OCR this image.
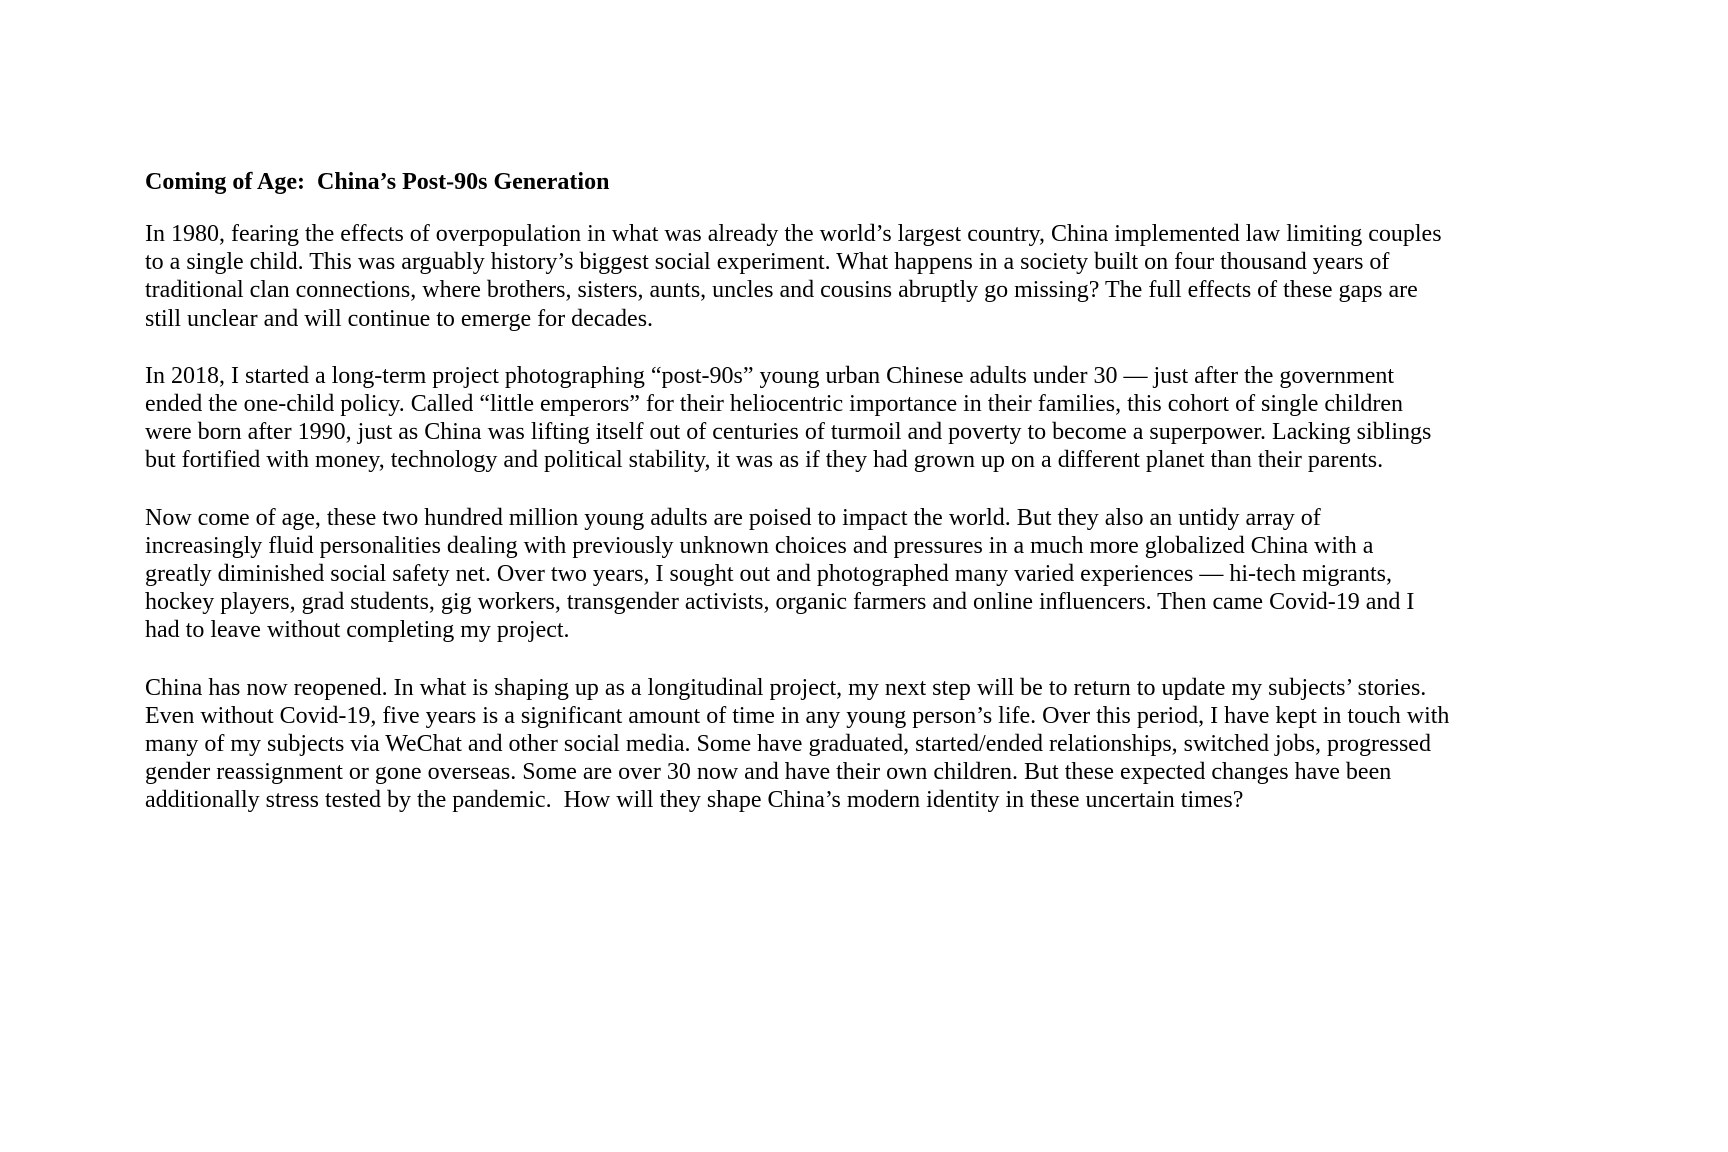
Coming of Age:  China’s Post-90s Generation

In 1980, fearing the effects of overpopulation in what was already the world’s largest country, China implemented law limiting couples
to a single child. This was arguably history’s biggest social experiment. What happens in a society built on four thousand years of
traditional clan connections, where brothers, sisters, aunts, uncles and cousins abruptly go missing? The full effects of these gaps are
still unclear and will continue to emerge for decades.

In 2018, I started a long-term project photographing “post-90s” young urban Chinese adults under 30 — just after the government
ended the one-child policy. Called “little emperors” for their heliocentric importance in their families, this cohort of single children
were born after 1990, just as China was lifting itself out of centuries of turmoil and poverty to become a superpower. Lacking siblings
but fortified with money, technology and political stability, it was as if they had grown up on a different planet than their parents.

Now come of age, these two hundred million young adults are poised to impact the world. But they also an untidy array of
increasingly fluid personalities dealing with previously unknown choices and pressures in a much more globalized China with a
greatly diminished social safety net. Over two years, I sought out and photographed many varied experiences — hi-tech migrants,
hockey players, grad students, gig workers, transgender activists, organic farmers and online influencers. Then came Covid-19 and I
had to leave without completing my project.

China has now reopened. In what is shaping up as a longitudinal project, my next step will be to return to update my subjects’ stories.
Even without Covid-19, five years is a significant amount of time in any young person’s life. Over this period, I have kept in touch with
many of my subjects via WeChat and other social media. Some have graduated, started/ended relationships, switched jobs, progressed
gender reassignment or gone overseas. Some are over 30 now and have their own children. But these expected changes have been
additionally stress tested by the pandemic.  How will they shape China’s modern identity in these uncertain times?
